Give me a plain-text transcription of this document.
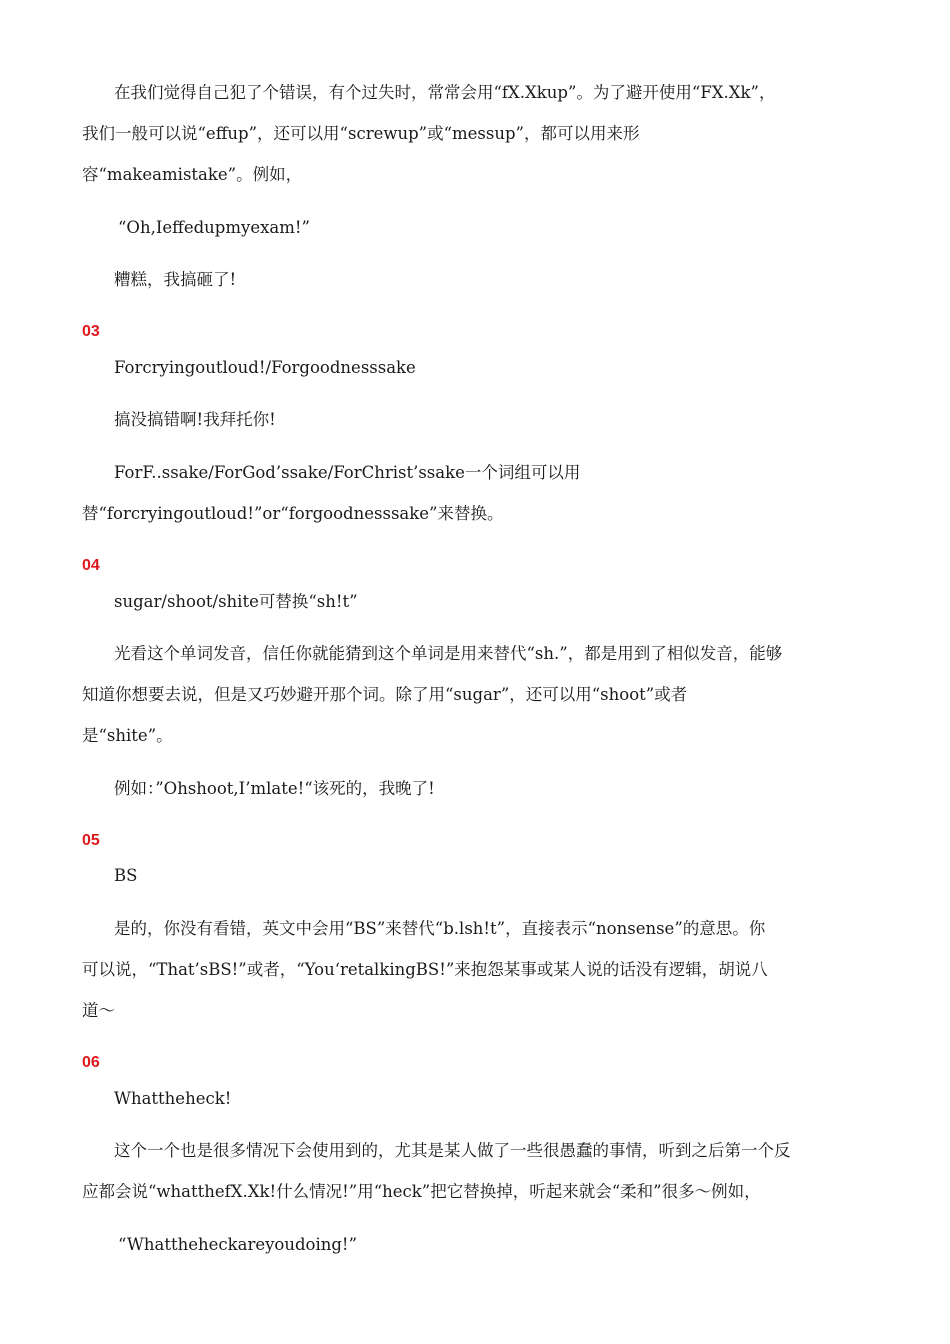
在我们觉得自己犯了个错误，有个过失时，常常会用“fX.Xkup”。为了避开使用“FX.Xk”，
我们一般可以说“effup”，还可以用“screwup”或“messup”，都可以用来形
容“makeamistake”。例如，
“Oh,Ieffedupmyexam!”
糟糕，我搞砸了!
03
Forcryingoutloud!/Forgoodnesssake
搞没搞错啊!我拜托你!
ForF..ssake/ForGod’ssake/ForChrist’ssake一个词组可以用
替“forcryingoutloud!”or“forgoodnesssake”来替换。
04
sugar/shoot/shite可替换“sh!t”
光看这个单词发音，信任你就能猜到这个单词是用来替代“sh.”，都是用到了相似发音，能够
知道你想要去说，但是又巧妙避开那个词。除了用“sugar”，还可以用“shoot”或者
是“shite”。
例如：”Ohshoot,I’mlate!“该死的，我晚了!
05
BS
是的，你没有看错，英文中会用“BS”来替代“b.lsh!t”，直接表示“nonsense”的意思。你
可以说，“That’sBS!”或者，“You‘retalkingBS!”来抱怨某事或某人说的话没有逻辑，胡说八
道～
06
Whattheheck!
这个一个也是很多情况下会使用到的，尤其是某人做了一些很愚蠢的事情，听到之后第一个反
应都会说“whatthefX.Xk!什么情况!”用“heck”把它替换掉，听起来就会“柔和”很多～例如，
“Whattheheckareyoudoing!”
